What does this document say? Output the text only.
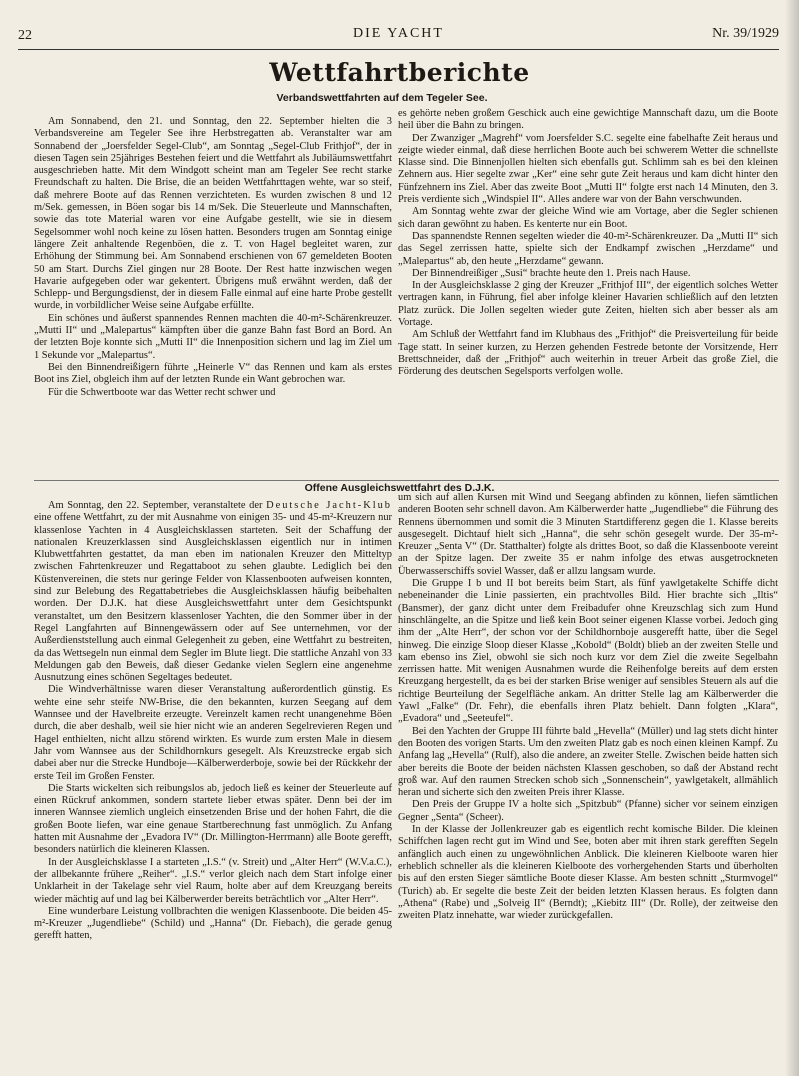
22	DIE YACHT	Nr. 39/1929
Wettfahrtberichte
Verbandswettfahrten auf dem Tegeler See.

Am Sonnabend, den 21. und Sonntag, den 22. September hielten die 3 Verbandsvereine am Tegeler See ihre Herbstregatten ab. Veranstalter war am Sonnabend der „Joersfelder Segel-Club“, am Sonntag „Segel-Club Frithjof“, der in diesen Tagen sein 25jähriges Bestehen feiert und die Wettfahrt als Jubiläumswettfahrt ausgeschrieben hatte. Mit dem Windgott scheint man am Tegeler See recht starke Freundschaft zu halten. Die Brise, die an beiden Wettfahrttagen wehte, war so steif, daß mehrere Boote auf das Rennen verzichteten. Es wurden zwischen 8 und 12 m/Sek. gemessen, in Böen sogar bis 14 m/Sek. Die Steuerleute und Mannschaften, sowie das tote Material waren vor eine Aufgabe gestellt, wie sie in diesem Segelsommer wohl noch keine zu lösen hatten. Besonders trugen am Sonntag einige längere Zeit anhaltende Regenböen, die z. T. von Hagel begleitet waren, zur Erhöhung der Stimmung bei. Am Sonnabend erschienen von 67 gemeldeten Booten 50 am Start. Durchs Ziel gingen nur 28 Boote. Der Rest hatte inzwischen wegen Havarie aufgegeben oder war gekentert. Übrigens muß erwähnt werden, daß der Schlepp- und Bergungsdienst, der in diesem Falle einmal auf eine harte Probe gestellt wurde, in vorbildlicher Weise seine Aufgabe erfüllte.

Ein schönes und äußerst spannendes Rennen machten die 40-m²-Schärenkreuzer. „Mutti II“ und „Malepartus“ kämpften über die ganze Bahn fast Bord an Bord. An der letzten Boje konnte sich „Mutti II“ die Innenposition sichern und lag im Ziel um 1 Sekunde vor „Malepartus“.

Bei den Binnendreißigern führte „Heinerle V“ das Rennen und kam als erstes Boot ins Ziel, obgleich ihm auf der letzten Runde ein Want gebrochen war.

Für die Schwertboote war das Wetter recht schwer und

es gehörte neben großem Geschick auch eine gewichtige Mannschaft dazu, um die Boote heil über die Bahn zu bringen.

Der Zwanziger „Magrehf“ vom Joersfelder S.C. segelte eine fabelhafte Zeit heraus und zeigte wieder einmal, daß diese herrlichen Boote auch bei schwerem Wetter die schnellste Klasse sind. Die Binnenjollen hielten sich ebenfalls gut. Schlimm sah es bei den kleinen Zehnern aus. Hier segelte zwar „Ker“ eine sehr gute Zeit heraus und kam dicht hinter den Fünfzehnern ins Ziel. Aber das zweite Boot „Mutti II“ folgte erst nach 14 Minuten, den 3. Preis verdiente sich „Windspiel II“. Alles andere war von der Bahn verschwunden.

Am Sonntag wehte zwar der gleiche Wind wie am Vortage, aber die Segler schienen sich daran gewöhnt zu haben. Es kenterte nur ein Boot.

Das spannendste Rennen segelten wieder die 40-m²-Schärenkreuzer. Da „Mutti II“ sich das Segel zerrissen hatte, spielte sich der Endkampf zwischen „Herzdame“ und „Malepartus“ ab, den heute „Herzdame“ gewann.

Der Binnendreißiger „Susi“ brachte heute den 1. Preis nach Hause.

In der Ausgleichsklasse 2 ging der Kreuzer „Frithjof III“, der eigentlich solches Wetter vertragen kann, in Führung, fiel aber infolge kleiner Havarien schließlich auf den letzten Platz zurück. Die Jollen segelten wieder gute Zeiten, hielten sich aber besser als am Vortage.

Am Schluß der Wettfahrt fand im Klubhaus des „Frithjof“ die Preisverteilung für beide Tage statt. In seiner kurzen, zu Herzen gehenden Festrede betonte der Vorsitzende, Herr Brettschneider, daß der „Frithjof“ auch weiterhin in treuer Arbeit das große Ziel, die Förderung des deutschen Segelsports verfolgen wolle.

Offene Ausgleichswettfahrt des D.J.K.

Am Sonntag, den 22. September, veranstaltete der Deutsche Jacht-Klub eine offene Wettfahrt, zu der mit Ausnahme von einigen 35- und 45-m²-Kreuzern nur klassenlose Yachten in 4 Ausgleichsklassen starteten. Seit der Schaffung der nationalen Kreuzerklassen sind Ausgleichsklassen eigentlich nur in intimen Klubwettfahrten gestattet, da man eben im nationalen Kreuzer den Mitteltyp zwischen Fahrtenkreuzer und Regattaboot zu sehen glaubte. Lediglich bei den Küstenvereinen, die stets nur geringe Felder von Klassenbooten aufweisen konnten, sind zur Belebung des Regattabetriebes die Ausgleichsklassen häufig beibehalten worden. Der D.J.K. hat diese Ausgleichswettfahrt unter dem Gesichtspunkt veranstaltet, um den Besitzern klassenloser Yachten, die den Sommer über in der Regel Langfahrten auf Binnengewässern oder auf See unternehmen, vor der Außerdienststellung auch einmal Gelegenheit zu geben, eine Wettfahrt zu bestreiten, da das Wettsegeln nun einmal dem Segler im Blute liegt. Die stattliche Anzahl von 33 Meldungen gab den Beweis, daß dieser Gedanke vielen Seglern eine angenehme Ausnutzung eines schönen Segeltages bedeutet.

Die Windverhältnisse waren dieser Veranstaltung außerordentlich günstig. Es wehte eine sehr steife NW-Brise, die den bekannten, kurzen Seegang auf dem Wannsee und der Havelbreite erzeugte. Vereinzelt kamen recht unangenehme Böen durch, die aber deshalb, weil sie hier nicht wie an anderen Segelrevieren Regen und Hagel enthielten, nicht allzu störend wirkten. Es wurde zum ersten Male in diesem Jahr vom Wannsee aus der Schildhornkurs gesegelt. Als Kreuzstrecke ergab sich dabei aber nur die Strecke Hundboje—Kälberwerderboje, sowie bei der Rückkehr der erste Teil im Großen Fenster.

Die Starts wickelten sich reibungslos ab, jedoch ließ es keiner der Steuerleute auf einen Rückruf ankommen, sondern startete lieber etwas später. Denn bei der im inneren Wannsee ziemlich ungleich einsetzenden Brise und der hohen Fahrt, die die großen Boote liefen, war eine genaue Startberechnung fast unmöglich. Zu Anfang hatten mit Ausnahme der „Evadora IV“ (Dr. Millington-Herrmann) alle Boote gerefft, besonders natürlich die kleineren Klassen.

In der Ausgleichsklasse I a starteten „I.S.“ (v. Streit) und „Alter Herr“ (W.V.a.C.), der allbekannte frühere „Reiher“. „I.S.“ verlor gleich nach dem Start infolge einer Unklarheit in der Takelage sehr viel Raum, holte aber auf dem Kreuzgang bereits wieder mächtig auf und lag bei Kälberwerder bereits beträchtlich vor „Alter Herr“.

Eine wunderbare Leistung vollbrachten die wenigen Klassenboote. Die beiden 45-m²-Kreuzer „Jugendliebe“ (Schild) und „Hanna“ (Dr. Fiebach), die gerade genug gerefft hatten,

um sich auf allen Kursen mit Wind und Seegang abfinden zu können, liefen sämtlichen anderen Booten sehr schnell davon. Am Kälberwerder hatte „Jugendliebe“ die Führung des Rennens übernommen und somit die 3 Minuten Startdifferenz gegen die 1. Klasse bereits ausgesegelt. Dichtauf hielt sich „Hanna“, die sehr schön gesegelt wurde. Der 35-m²-Kreuzer „Senta V“ (Dr. Statthalter) folgte als drittes Boot, so daß die Klassenboote vereint an der Spitze lagen. Der zweite 35 er nahm infolge des etwas ausgetrockneten Überwasserschiffs soviel Wasser, daß er allzu langsam wurde.

Die Gruppe I b und II bot bereits beim Start, als fünf yawlgetakelte Schiffe dicht nebeneinander die Linie passierten, ein prachtvolles Bild. Hier brachte sich „Iltis“ (Bansmer), der ganz dicht unter dem Freibadufer ohne Kreuzschlag sich zum Hund hinschlängelte, an die Spitze und ließ kein Boot seiner eigenen Klasse vorbei. Jedoch ging ihm der „Alte Herr“, der schon vor der Schildhornboje ausgerefft hatte, über die Segel hinweg. Die einzige Sloop dieser Klasse „Kobold“ (Boldt) blieb an der zweiten Stelle und kam ebenso ins Ziel, obwohl sie sich noch kurz vor dem Ziel die zweite Segelbahn zerrissen hatte. Mit wenigen Ausnahmen wurde die Reihenfolge bereits auf dem ersten Kreuzgang hergestellt, da es bei der starken Brise weniger auf sensibles Steuern als auf die richtige Beurteilung der Segelfläche ankam. An dritter Stelle lag am Kälberwerder die Yawl „Falke“ (Dr. Fehr), die ebenfalls ihren Platz behielt. Dann folgten „Klara“, „Evadora“ und „Seeteufel“.

Bei den Yachten der Gruppe III führte bald „Hevella“ (Müller) und lag stets dicht hinter den Booten des vorigen Starts. Um den zweiten Platz gab es noch einen kleinen Kampf. Zu Anfang lag „Hevella“ (Rulf), also die andere, an zweiter Stelle. Zwischen beide hatten sich aber bereits die Boote der beiden nächsten Klassen geschoben, so daß der Abstand recht groß war. Auf den raumen Strecken schob sich „Sonnenschein“, yawlgetakelt, allmählich heran und sicherte sich den zweiten Preis ihrer Klasse.

Den Preis der Gruppe IV a holte sich „Spitzbub“ (Pfanne) sicher vor seinem einzigen Gegner „Senta“ (Scheer).

In der Klasse der Jollenkreuzer gab es eigentlich recht komische Bilder. Die kleinen Schiffchen lagen recht gut im Wind und See, boten aber mit ihren stark gerefften Segeln anfänglich auch einen zu ungewöhnlichen Anblick. Die kleineren Kielboote waren hier erheblich schneller als die kleineren Kielboote des vorhergehenden Starts und überholten bis auf den ersten Sieger sämtliche Boote dieser Klasse. Am besten schnitt „Sturmvogel“ (Turich) ab. Er segelte die beste Zeit der beiden letzten Klassen heraus. Es folgten dann „Athena“ (Rabe) und „Solveig II“ (Berndt); „Kiebitz III“ (Dr. Rolle), der zeitweise den zweiten Platz innehatte, war wieder zurückgefallen.
